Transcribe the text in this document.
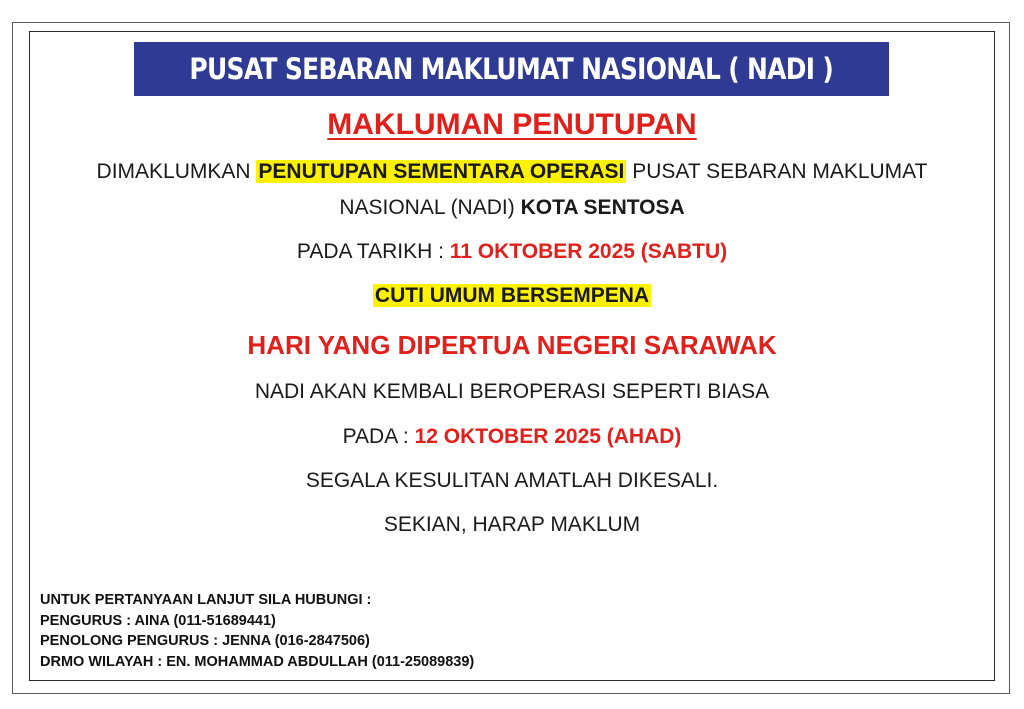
PUSAT SEBARAN MAKLUMAT NASIONAL ( NADI )
MAKLUMAN PENUTUPAN
DIMAKLUMKAN PENUTUPAN SEMENTARA OPERASI PUSAT SEBARAN MAKLUMAT
NASIONAL (NADI) KOTA SENTOSA
PADA TARIKH : 11 OKTOBER 2025 (SABTU)
CUTI UMUM BERSEMPENA
HARI YANG DIPERTUA NEGERI SARAWAK
NADI AKAN KEMBALI BEROPERASI SEPERTI BIASA
PADA : 12 OKTOBER 2025 (AHAD)
SEGALA KESULITAN AMATLAH DIKESALI.
SEKIAN, HARAP MAKLUM
UNTUK PERTANYAAN LANJUT SILA HUBUNGI :
PENGURUS : AINA (011-51689441)
PENOLONG PENGURUS : JENNA (016-2847506)
DRMO WILAYAH : EN. MOHAMMAD ABDULLAH (011-25089839)
